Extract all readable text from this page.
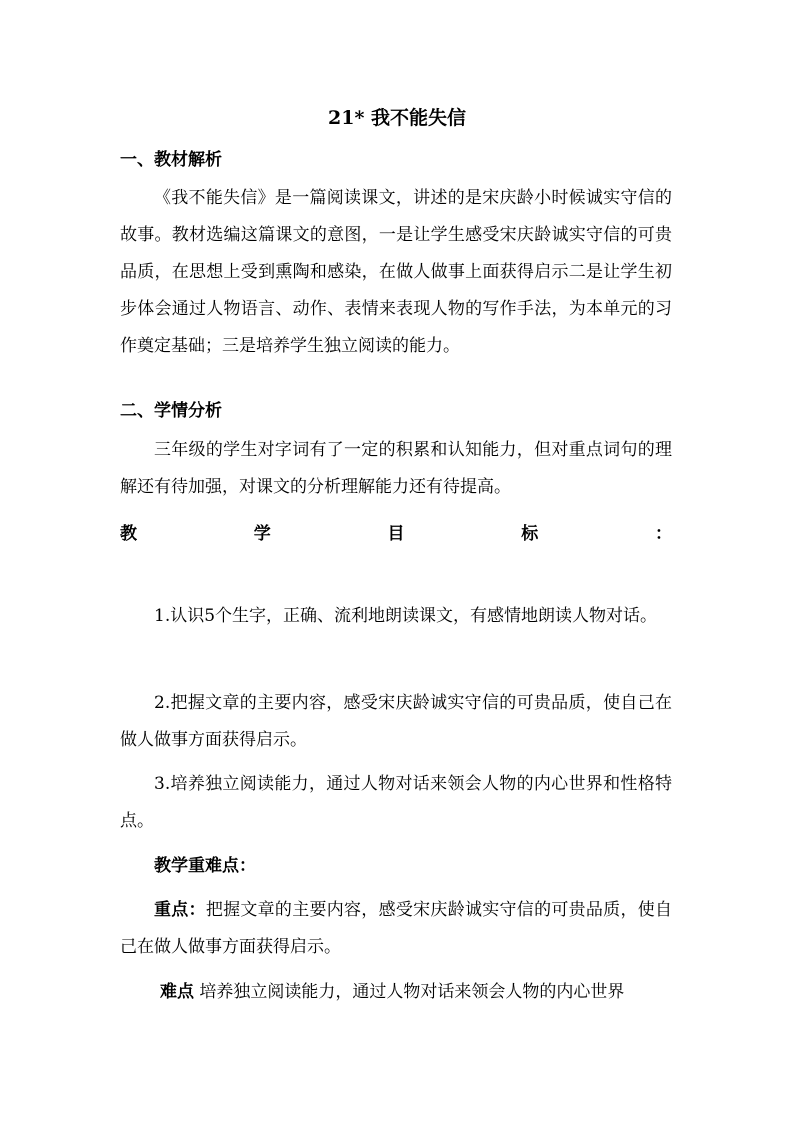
21* 我不能失信
一、教材解析

《我不能失信》是一篇阅读课文，讲述的是宋庆龄小时候诚实守信的故事。教材选编这篇课文的意图，一是让学生感受宋庆龄诚实守信的可贵品质，在思想上受到熏陶和感染，在做人做事上面获得启示二是让学生初步体会通过人物语言、动作、表情来表现人物的写作手法，为本单元的习作奠定基础；三是培养学生独立阅读的能力。

二、学情分析

三年级的学生对字词有了一定的积累和认知能力，但对重点词句的理解还有待加强，对课文的分析理解能力还有待提高。

教	学	目	标	：

1.认识5个生字，正确、流利地朗读课文，有感情地朗读人物对话。

2.把握文章的主要内容，感受宋庆龄诚实守信的可贵品质，使自己在做人做事方面获得启示。

3.培养独立阅读能力，通过人物对话来领会人物的内心世界和性格特点。

教学重难点：

重点：把握文章的主要内容，感受宋庆龄诚实守信的可贵品质，使自己在做人做事方面获得启示。

难点 培养独立阅读能力，通过人物对话来领会人物的内心世界
